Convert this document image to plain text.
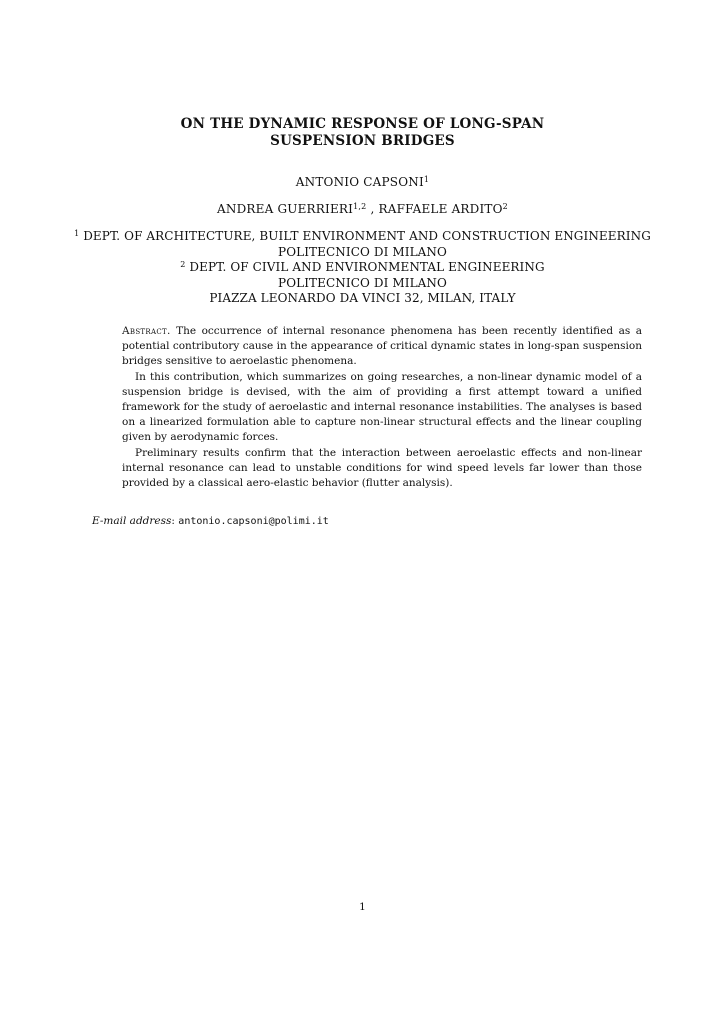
ON THE DYNAMIC RESPONSE OF LONG-SPAN
SUSPENSION BRIDGES
ANTONIO CAPSONI$^1$
ANDREA GUERRIERI$^{1,2}$ , RAFFAELE ARDITO$^2$
$^1$ DEPT. OF ARCHITECTURE, BUILT ENVIRONMENT AND CONSTRUCTION ENGINEERING
POLITECNICO DI MILANO
$^2$ DEPT. OF CIVIL AND ENVIRONMENTAL ENGINEERING
POLITECNICO DI MILANO
PIAZZA LEONARDO DA VINCI 32, MILAN, ITALY

Abstract. The occurrence of internal resonance phenomena has been recently identified as a potential contributory cause in the appearance of critical dynamic states in long-span suspension bridges sensitive to aeroelastic phenomena.

In this contribution, which summarizes on going researches, a non-linear dynamic model of a suspension bridge is devised, with the aim of providing a first attempt toward a unified framework for the study of aeroelastic and internal resonance instabilities. The analyses is based on a linearized formulation able to capture non-linear structural effects and the linear coupling given by aerodynamic forces.

Preliminary results confirm that the interaction between aeroelastic effects and non-linear internal resonance can lead to unstable conditions for wind speed levels far lower than those provided by a classical aero-elastic behavior (flutter analysis).

E-mail address: antonio.capsoni@polimi.it
1
